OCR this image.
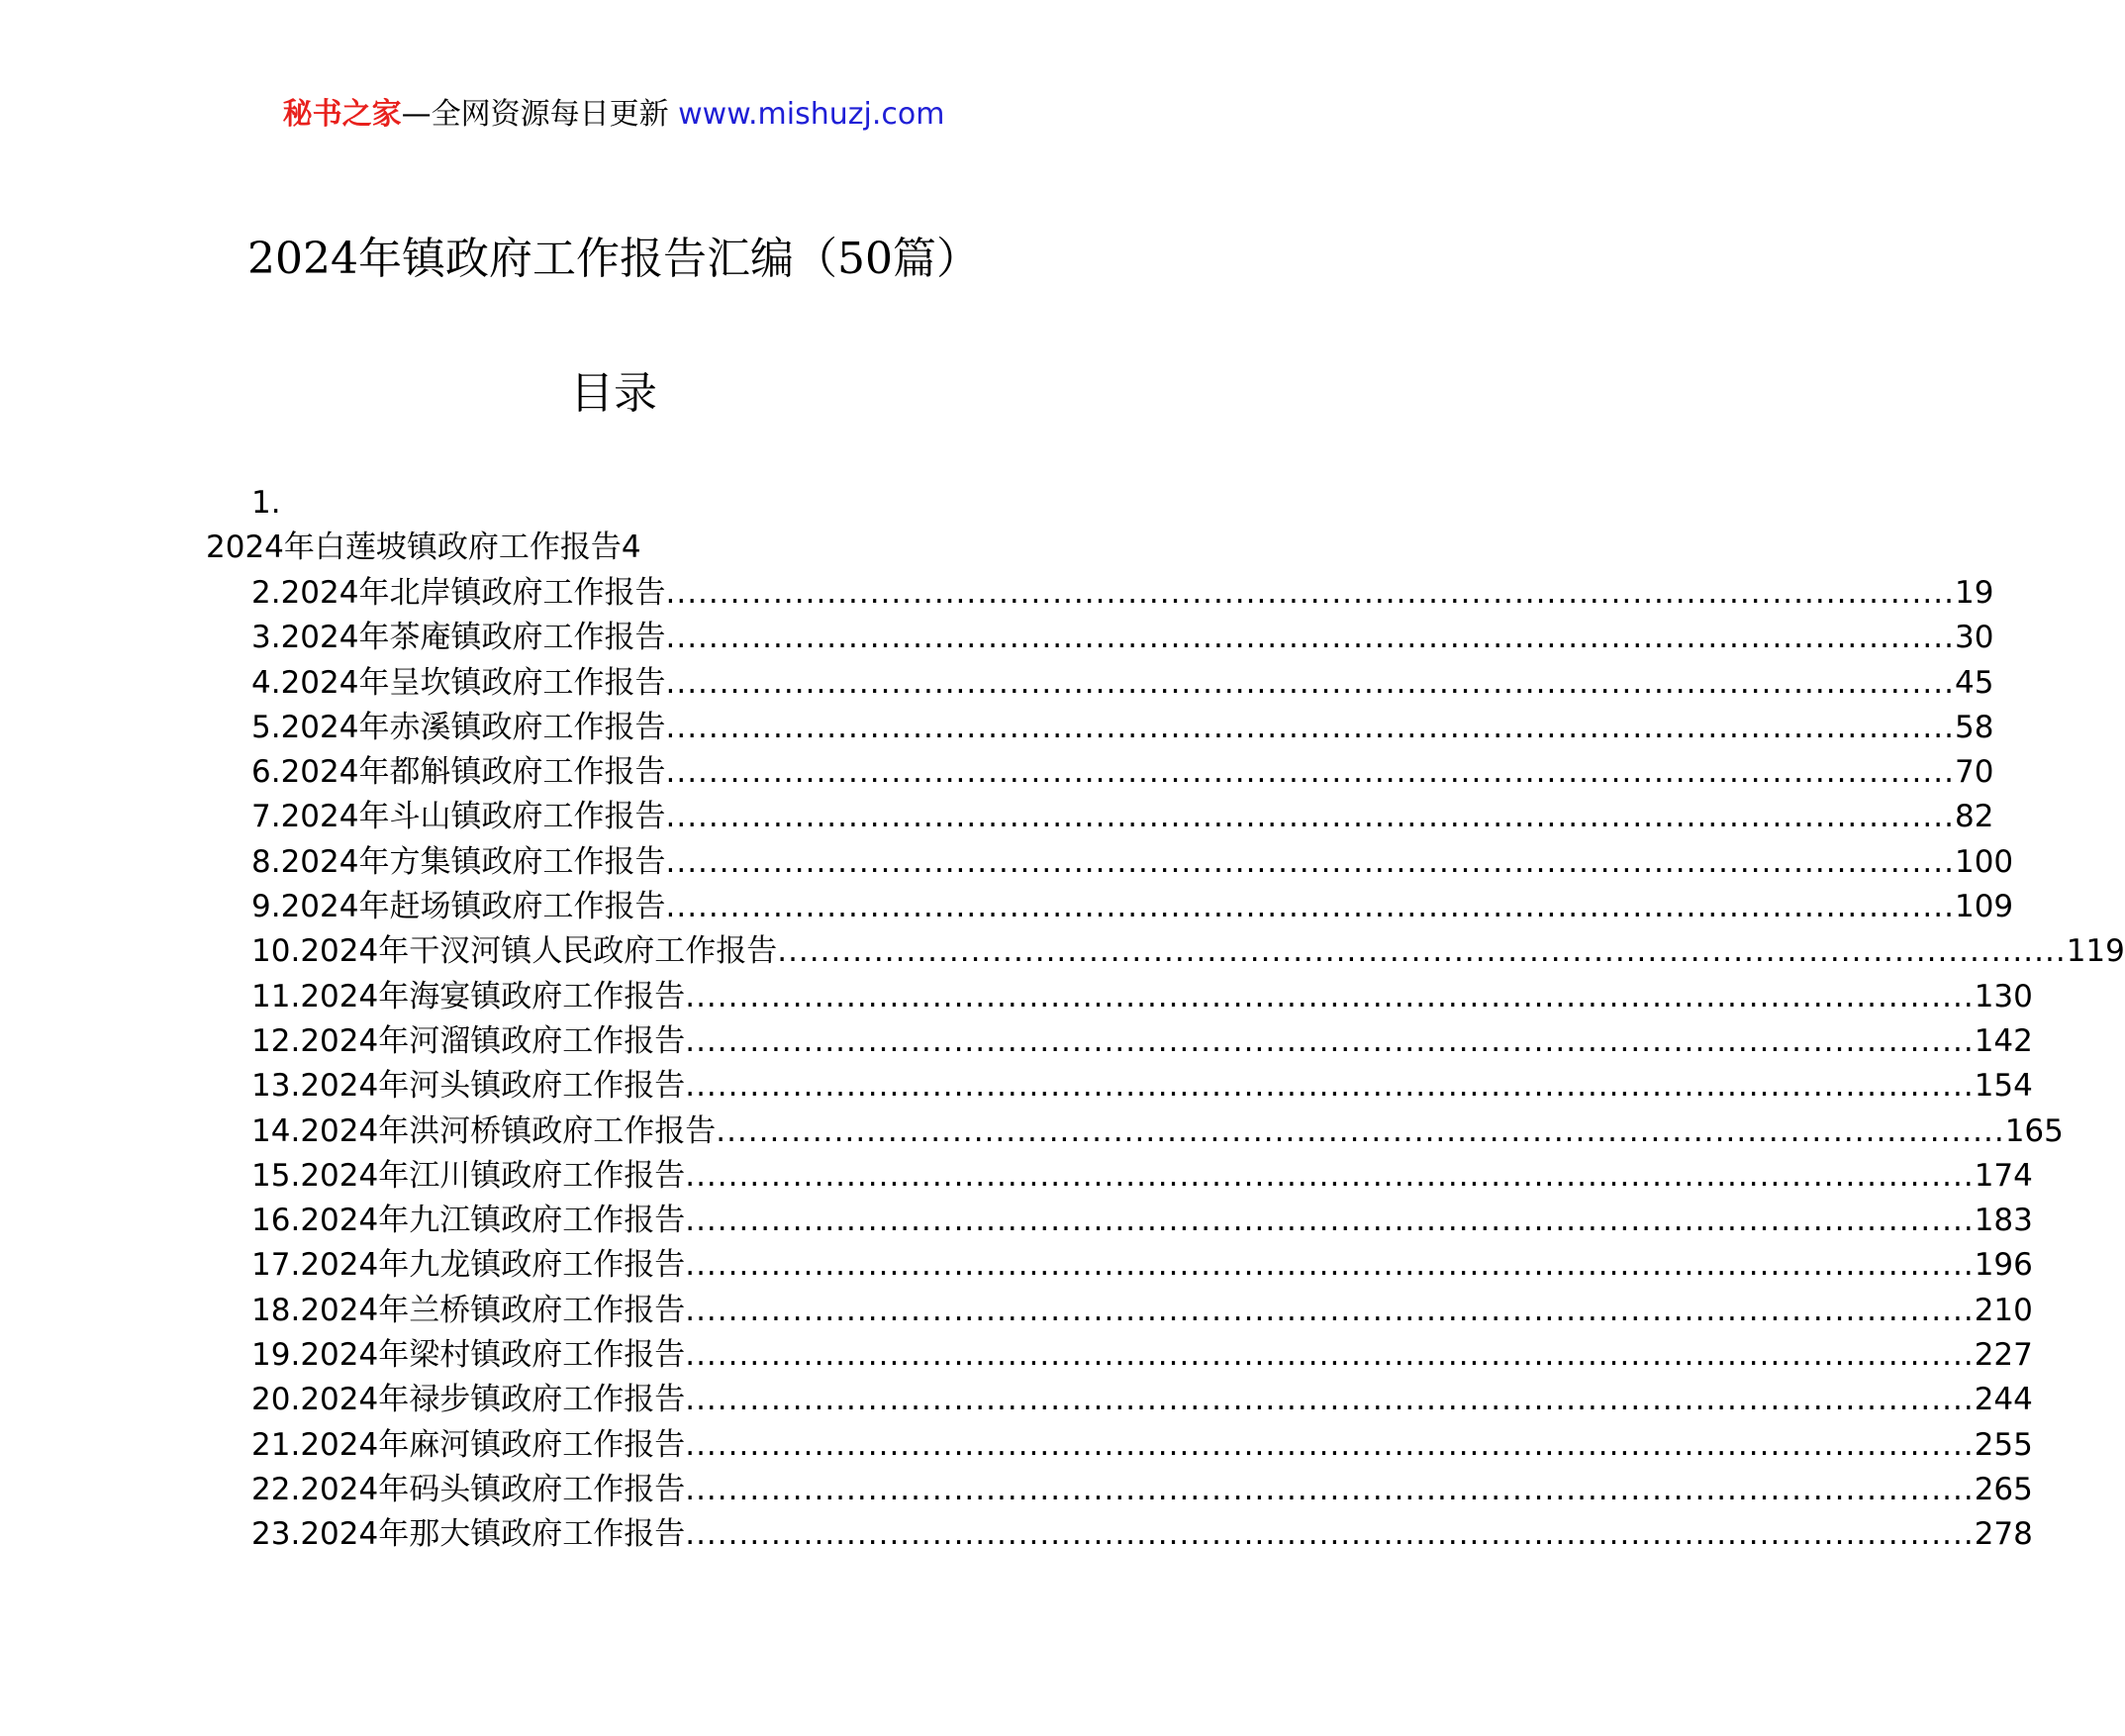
秘书之家—全网资源每日更新 www.mishuzj.com
2024年镇政府工作报告汇编（50篇）
目录
1.
2024年白莲坡镇政府工作报告4
2. 2024年北岸镇政府工作报告 ........................................................................................................................ 19
3. 2024年茶庵镇政府工作报告 ........................................................................................................................ 30
4. 2024年呈坎镇政府工作报告 ........................................................................................................................ 45
5. 2024年赤溪镇政府工作报告 ........................................................................................................................ 58
6. 2024年都斛镇政府工作报告 ........................................................................................................................ 70
7. 2024年斗山镇政府工作报告 ........................................................................................................................ 82
8. 2024年方集镇政府工作报告 ........................................................................................................................ 100
9. 2024年赶场镇政府工作报告 ........................................................................................................................ 109
10. 2024年干汊河镇人民政府工作报告 ........................................................................................................................ 119
11. 2024年海宴镇政府工作报告 ........................................................................................................................ 130
12. 2024年河溜镇政府工作报告 ........................................................................................................................ 142
13. 2024年河头镇政府工作报告 ........................................................................................................................ 154
14. 2024年洪河桥镇政府工作报告 ........................................................................................................................ 165
15. 2024年江川镇政府工作报告 ........................................................................................................................ 174
16. 2024年九江镇政府工作报告 ........................................................................................................................ 183
17. 2024年九龙镇政府工作报告 ........................................................................................................................ 196
18. 2024年兰桥镇政府工作报告 ........................................................................................................................ 210
19. 2024年梁村镇政府工作报告 ........................................................................................................................ 227
20. 2024年禄步镇政府工作报告 ........................................................................................................................ 244
21. 2024年麻河镇政府工作报告 ........................................................................................................................ 255
22. 2024年码头镇政府工作报告 ........................................................................................................................ 265
23. 2024年那大镇政府工作报告 ........................................................................................................................ 278
